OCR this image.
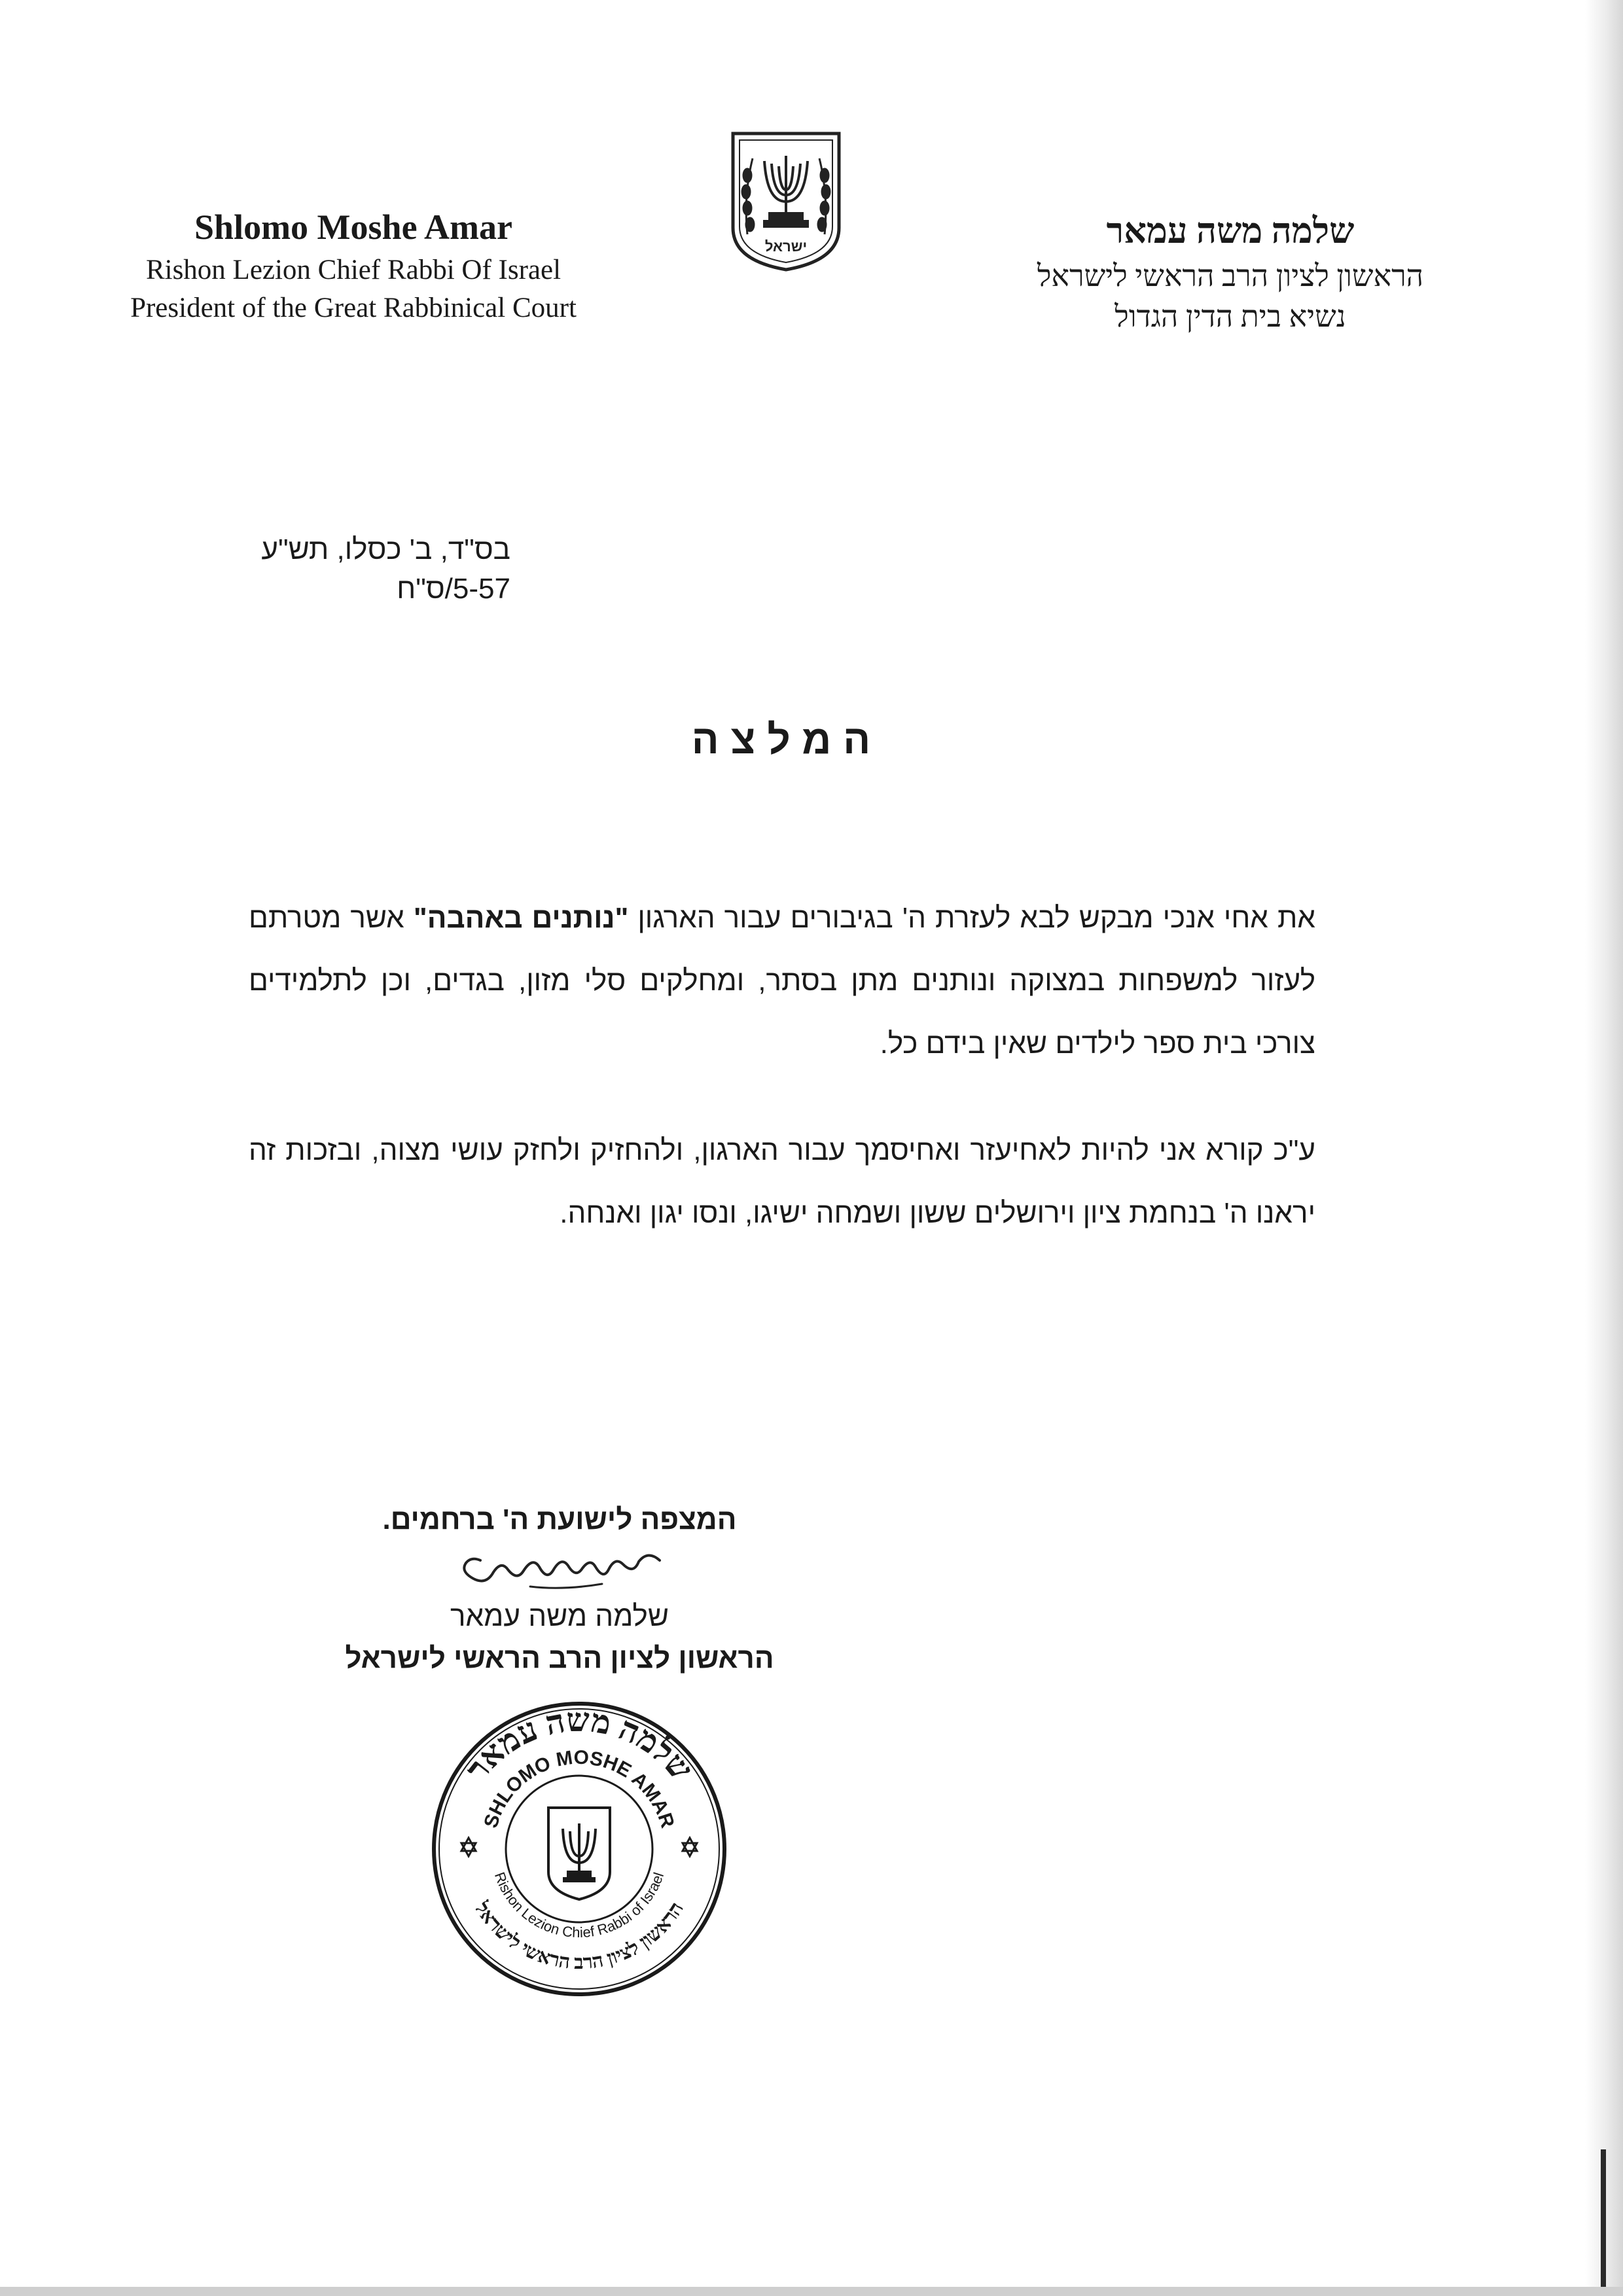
Shlomo Moshe Amar
Rishon Lezion Chief Rabbi Of Israel
President of the Great Rabbinical Court
ישראל	שלמה משה עמאר
הראשון לציון הרב הראשי לישראל
נשיא בית הדין הגדול
בס"ד, ב' כסלו, תש"ע
5-57/ס"ח
המלצה
את אחי אנכי מבקש לבא לעזרת ה' בגיבורים עבור הארגון "נותנים באהבה" אשר מטרתם לעזור למשפחות במצוקה ונותנים מתן בסתר, ומחלקים סלי מזון, בגדים, וכן לתלמידים צורכי בית ספר לילדים שאין בידם כל.
ע"כ קורא אני להיות לאחיעזר ואחיסמך עבור הארגון, ולהחזיק ולחזק עושי מצוה, ובזכות זה יראנו ה' בנחמת ציון וירושלים ששון ושמחה ישיגו, ונסו יגון ואנחה.
המצפה לישועת ה' ברחמים.
שלמה משה עמאר
הראשון לציון הרב הראשי לישראל
שלמה משה עמאר
SHLOMO MOSHE AMAR
Rishon Lezion Chief Rabbi of Israel
הראשון לציון הרב הראשי לישראל
